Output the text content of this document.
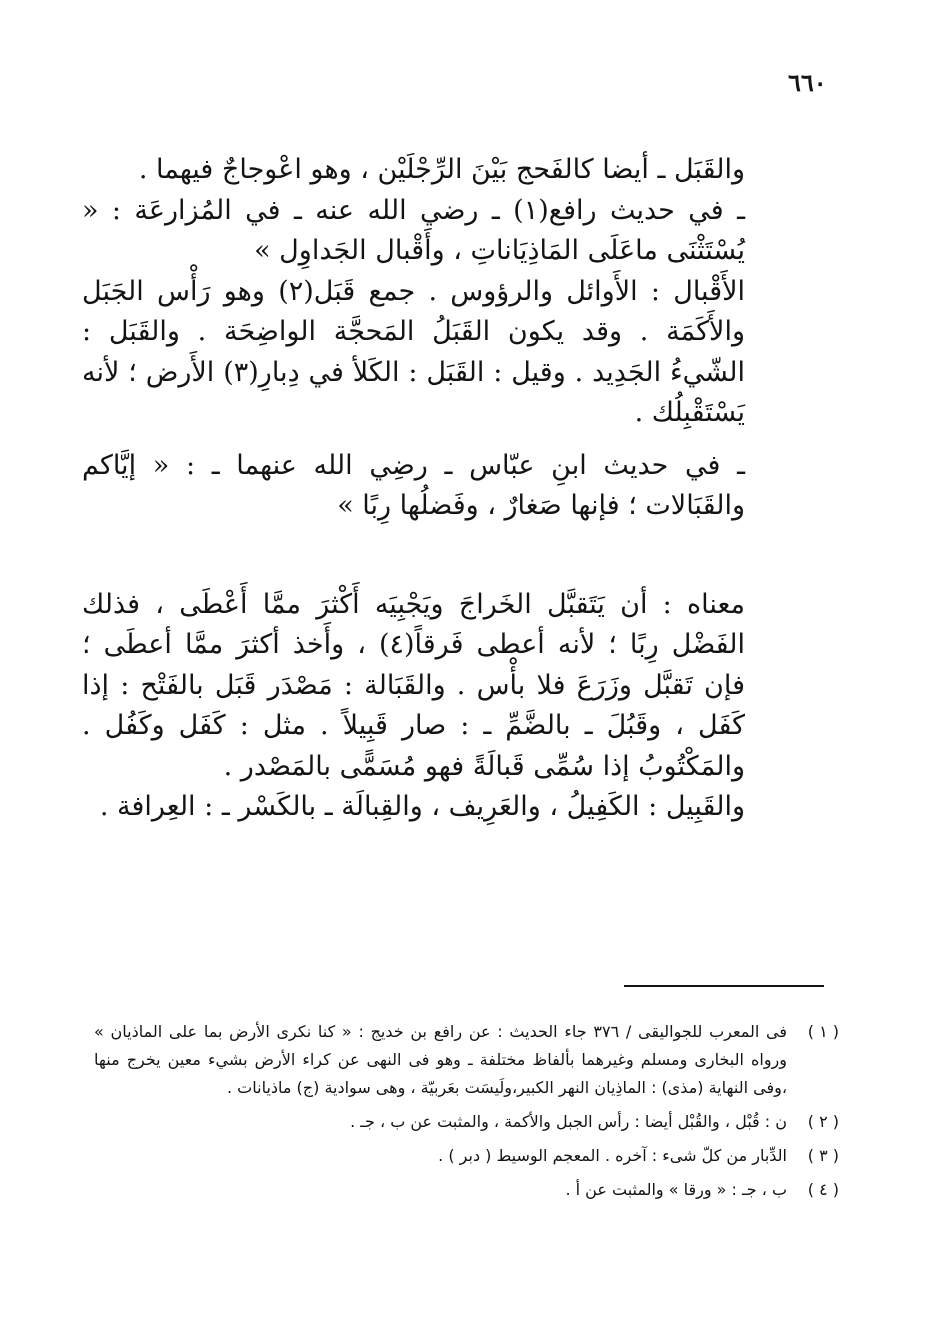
٦٦٠

والقَبَل ـ أيضا كالفَحج بَيْنَ الرِّجْلَيْن ، وهو اعْوجاجٌ فيهما .

ـ في حديث رافع(١) ـ رضي الله عنه ـ في المُزارعَة : « يُسْتَثْنَى ماعَلَى المَاذِيَاناتِ ، وأَقْبال الجَداوِل »

الأَقْبال : الأَوائل والرؤوس . جمع قَبَل(٢) وهو رَأْس الجَبَل والأَكَمَة . وقد يكون القَبَلُ المَحجَّة الواضِحَة . والقَبَل : الشّيءُ الجَدِيد . وقيل : القَبَل : الكَلأ في دِبارِ(٣) الأَرض ؛ لأنه يَسْتَقْبِلُك .

ـ في حديث ابنِ عبّاس ـ رضِي الله عنهما ـ : « إيَّاكم والقَبَالات ؛ فإنها صَغارٌ ، وفَضلُها رِبًا »

معناه : أن يَتَقبَّل الخَراجَ ويَجْبِيَه أَكْثرَ ممَّا أَعْطَى ، فذلك الفَضْل رِبًا ؛ لأنه أعطى فَرقاً(٤) ، وأَخذ أكثرَ ممَّا أعطَى ؛ فإن تَقبَّل وزَرَعَ فلا بأْس . والقَبَالة : مَصْدَر قَبَل بالفَتْح : إذا كَفَل ، وقَبُلَ ـ بالضَّمِّ ـ : صار قَبِيلاً . مثل : كَفَل وكَفُل . والمَكْتُوبُ إذا سُمِّى قَبالَةً فهو مُسَمًّى بالمَصْدر .

والقَبِيل : الكَفِيلُ ، والعَرِيف ، والقِبالَة ـ بالكَسْر ـ : العِرافة .

( ١ )
فى المعرب للجواليقى / ٣٧٦ جاء الحديث : عن رافع بن خديج : « كنا نكرى الأرض بما على الماذيان » ورواه البخارى ومسلم وغيرهما بألفاظ مختلفة ـ وهو فى النهى عن كراء الأرض بشيء معين يخرج منها ،وفى النهاية (مذى) : الماذِيان النهر الكبير،ولَيسَت بعَربيّة ، وهى سوادية (ج) ماذيانات .
( ٢ )
ن : قُبْل ، والقُبْل أيضا : رأس الجبل والأكمة ، والمثبت عن ب ، جـ .
( ٣ )
الدِّبار من كلّ شىء : آخره . المعجم الوسيط ( دبر ) .
( ٤ )
ب ، جـ : « ورقا » والمثبت عن أ .
